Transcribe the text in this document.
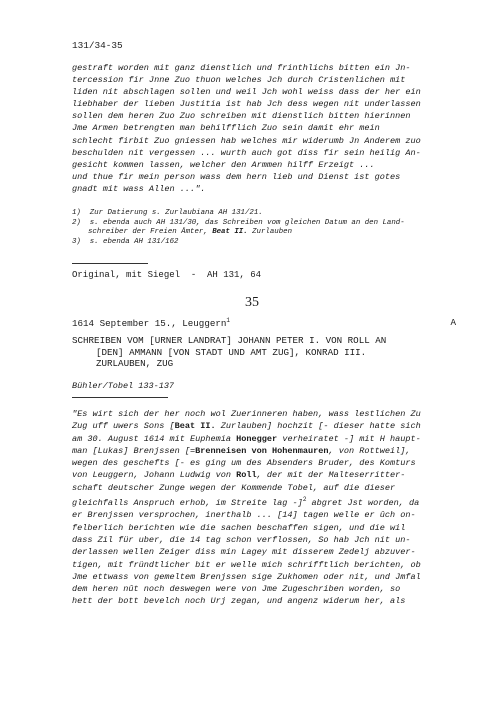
131/34-35
gestraft worden mit ganz dienstlich und frinthlichs bitten ein Jn-
tercession fir Jnne Zuo thuon welches Jch durch Cristenlichen mit
liden nit abschlagen sollen und weil Jch wohl weiss dass der her ein
liebhaber der lieben Justitia ist hab Jch dess wegen nit underlassen
sollen dem heren Zuo Zuo schreiben mit dienstlich bitten hierinnen
Jme Armen betrengten man behilfflich Zuo sein damit ehr mein
schlecht firbit Zuo gniessen hab welches mir widerumb Jn Anderem zuo
beschulden nit vergessen ... wurth auch got diss fir sein heilig An-
gesicht kommen lassen, welcher den Armmen hilff Erzeigt ...
und thue fir mein person wass dem hern lieb und Dienst ist gotes
gnadt mit wass Allen ...".
1)  Zur Datierung s. Zurlaubiana AH 131/21.
2)  s. ebenda auch AH 131/30, das Schreiben vom gleichen Datum an den Land-
schreiber der Freien Ämter, Beat II. Zurlauben
3)  s. ebenda AH 131/162
Original, mit Siegel  -  AH 131, 64
35
1614 September 15., Leuggern$^1$	A
SCHREIBEN VOM [URNER LANDRAT] JOHANN PETER I. VON ROLL AN
[DEN] AMMANN [VON STADT UND AMT ZUG], KONRAD III.
ZURLAUBEN, ZUG
Bühler/Tobel 133-137
"Es wirt sich der her noch wol Zuerinneren haben, wass lestlichen Zu
Zug uff uwers Sons [Beat II. Zurlauben] hochzit [- dieser hatte sich
am 30. August 1614 mit Euphemia Honegger verheiratet -] mit H haupt-
man [Lukas] Brenjssen [=Brenneisen von Hohenmauren, von Rottweil],
wegen des geschefts [- es ging um des Absenders Bruder, des Komturs
von Leuggern, Johann Ludwig von Roll, der mit der Malteserritter-
schaft deutscher Zunge wegen der Kommende Tobel, auf die dieser
gleichfalls Anspruch erhob, im Streite lag -]$^2$ abgret Jst worden, da
er Brenjssen versprochen, inerthalb ... [14] tagen welle er ûch on-
felberlich berichten wie die sachen beschaffen sigen, und die wil
dass Zil für uber, die 14 tag schon verflossen, So hab Jch nit un-
derlassen wellen Zeiger diss min Lagey mit disserem Zedelj abzuver-
tigen, mit fründtlicher bit er welle mich schrifftlich berichten, ob
Jme ettwass von gemeltem Brenjssen sige Zukhomen oder nit, und Jmfal
dem heren nût noch deswegen were von Jme Zugeschriben worden, so
hett der bott bevelch noch Urj zegan, und angenz widerum her, als
